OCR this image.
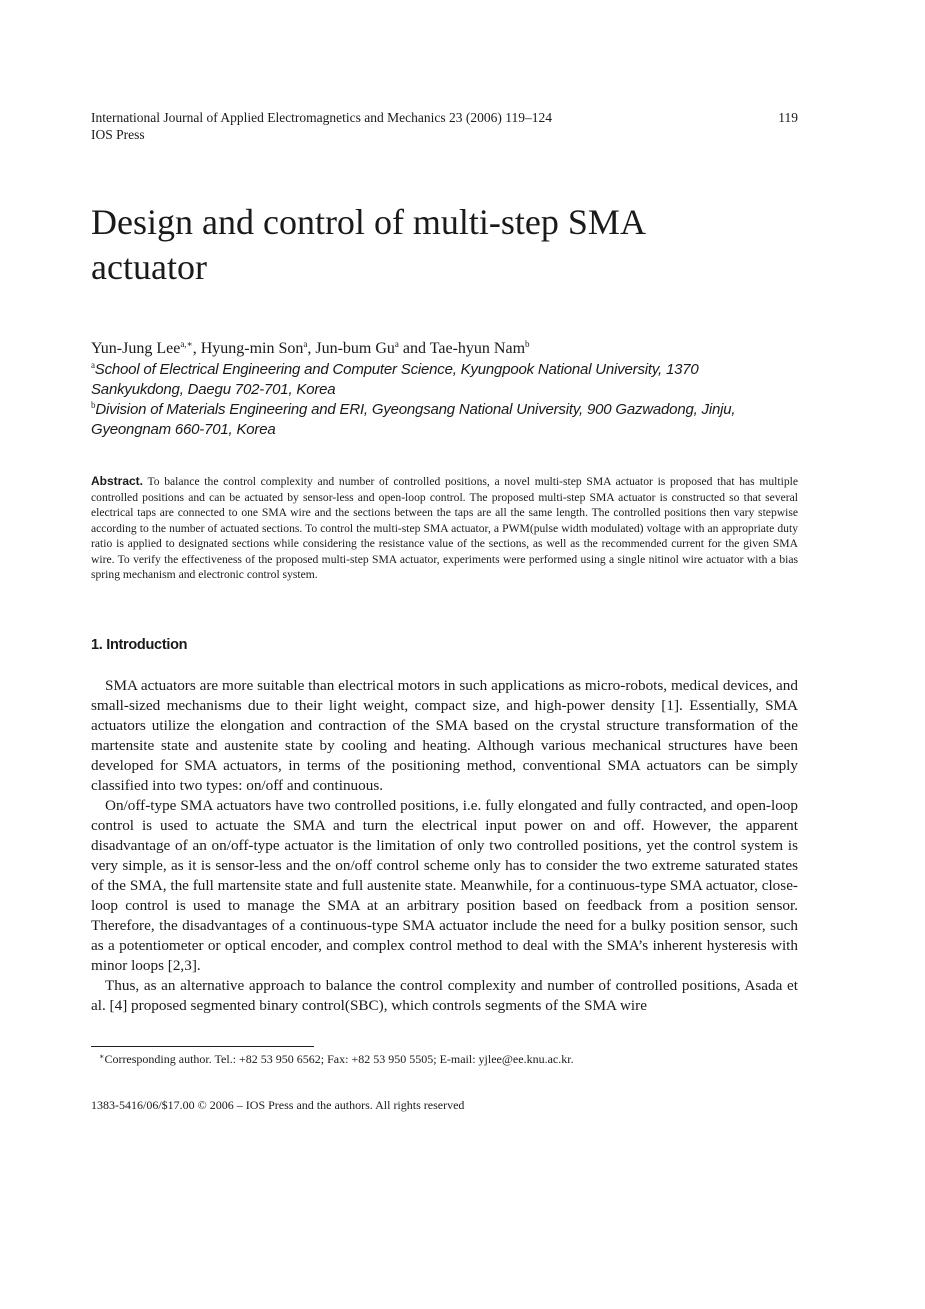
International Journal of Applied Electromagnetics and Mechanics 23 (2006) 119–124
IOS Press
119
Design and control of multi-step SMA
actuator
Yun-Jung Lee$^{a,∗}$, Hyung-min Son$^a$, Jun-bum Gu$^a$ and Tae-hyun Nam$^b$
$^a$School of Electrical Engineering and Computer Science, Kyungpook National University, 1370
Sankyukdong, Daegu 702-701, Korea
$^b$Division of Materials Engineering and ERI, Gyeongsang National University, 900 Gazwadong, Jinju,
Gyeongnam 660-701, Korea

Abstract. To balance the control complexity and number of controlled positions, a novel multi-step SMA actuator is proposed that has multiple controlled positions and can be actuated by sensor-less and open-loop control. The proposed multi-step SMA actuator is constructed so that several electrical taps are connected to one SMA wire and the sections between the taps are all the same length. The controlled positions then vary stepwise according to the number of actuated sections. To control the multi-step SMA actuator, a PWM(pulse width modulated) voltage with an appropriate duty ratio is applied to designated sections while considering the resistance value of the sections, as well as the recommended current for the given SMA wire. To verify the effectiveness of the proposed multi-step SMA actuator, experiments were performed using a single nitinol wire actuator with a bias spring mechanism and electronic control system.

1. Introduction

SMA actuators are more suitable than electrical motors in such applications as micro-robots, medical devices, and small-sized mechanisms due to their light weight, compact size, and high-power density [1]. Essentially, SMA actuators utilize the elongation and contraction of the SMA based on the crystal structure transformation of the martensite state and austenite state by cooling and heating. Although various mechanical structures have been developed for SMA actuators, in terms of the positioning method, conventional SMA actuators can be simply classified into two types: on/off and continuous.

On/off-type SMA actuators have two controlled positions, i.e. fully elongated and fully contracted, and open-loop control is used to actuate the SMA and turn the electrical input power on and off. However, the apparent disadvantage of an on/off-type actuator is the limitation of only two controlled positions, yet the control system is very simple, as it is sensor-less and the on/off control scheme only has to consider the two extreme saturated states of the SMA, the full martensite state and full austenite state. Meanwhile, for a continuous-type SMA actuator, close-loop control is used to manage the SMA at an arbitrary position based on feedback from a position sensor. Therefore, the disadvantages of a continuous-type SMA actuator include the need for a bulky position sensor, such as a potentiometer or optical encoder, and complex control method to deal with the SMA’s inherent hysteresis with minor loops [2,3].

Thus, as an alternative approach to balance the control complexity and number of controlled positions, Asada et al. [4] proposed segmented binary control(SBC), which controls segments of the SMA wire

∗Corresponding author. Tel.: +82 53 950 6562; Fax: +82 53 950 5505; E-mail: yjlee@ee.knu.ac.kr.
1383-5416/06/$17.00 © 2006 – IOS Press and the authors. All rights reserved
